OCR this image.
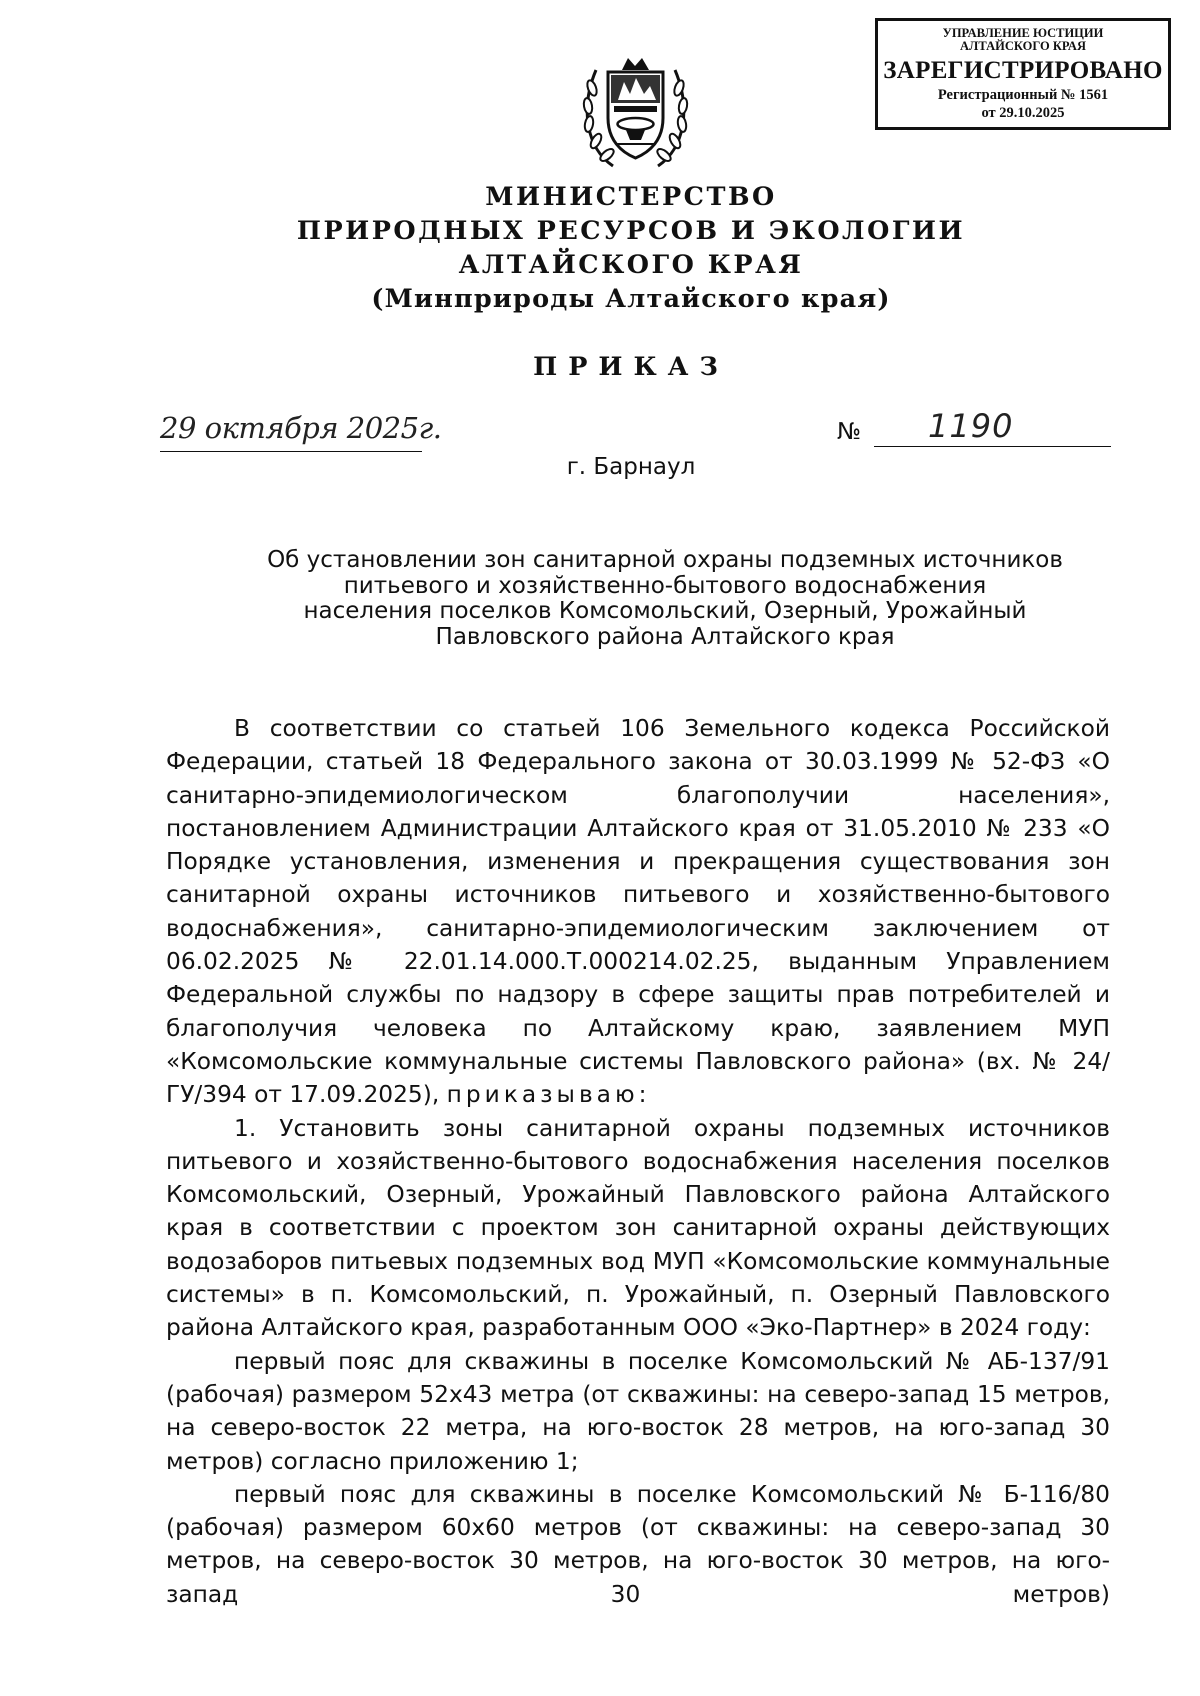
УПРАВЛЕНИЕ ЮСТИЦИИ
АЛТАЙСКОГО КРАЯ
ЗАРЕГИСТРИРОВАНО
Регистрационный № 1561
от 29.10.2025
МИНИСТЕРСТВО
ПРИРОДНЫХ РЕСУРСОВ И ЭКОЛОГИИ
АЛТАЙСКОГО КРАЯ
(Минприроды Алтайского края)
ПРИКАЗ
29 октября 2025г.	№ 1190
г. Барнаул
Об установлении зон санитарной охраны подземных источников
питьевого и хозяйственно-бытового водоснабжения
населения поселков Комсомольский, Озерный, Урожайный
Павловского района Алтайского края

В соответствии со статьей 106 Земельного кодекса Российской Федерации, статьей 18 Федерального закона от 30.03.1999 № 52-ФЗ «О санитарно-эпидемиологическом благополучии населения», постановлением Администрации Алтайского края от 31.05.2010 № 233 «О Порядке установления, изменения и прекращения существования зон санитарной охраны источников питьевого и хозяйственно-бытового водоснабжения», санитарно-эпидемиологическим заключением от 06.02.2025 № 22.01.14.000.Т.000214.02.25, выданным Управлением Федеральной службы по надзору в сфере защиты прав потребителей и благополучия человека по Алтайскому краю, заявлением МУП «Комсомольские коммунальные системы Павловского района» (вх. № 24/ГУ/394 от 17.09.2025), приказываю:

1. Установить зоны санитарной охраны подземных источников питьевого и хозяйственно-бытового водоснабжения населения поселков Комсомольский, Озерный, Урожайный Павловского района Алтайского края в соответствии с проектом зон санитарной охраны действующих водозаборов питьевых подземных вод МУП «Комсомольские коммунальные системы» в п. Комсомольский, п. Урожайный, п. Озерный Павловского района Алтайского края, разработанным ООО «Эко-Партнер» в 2024 году:

первый пояс для скважины в поселке Комсомольский № АБ-137/91 (рабочая) размером 52х43 метра (от скважины: на северо-запад 15 метров, на северо-восток 22 метра, на юго-восток 28 метров, на юго-запад 30 метров) согласно приложению 1;

первый пояс для скважины в поселке Комсомольский № Б-116/80 (рабочая) размером 60х60 метров (от скважины: на северо-запад 30 метров, на северо-восток 30 метров, на юго-восток 30 метров, на юго-запад 30 метров)
